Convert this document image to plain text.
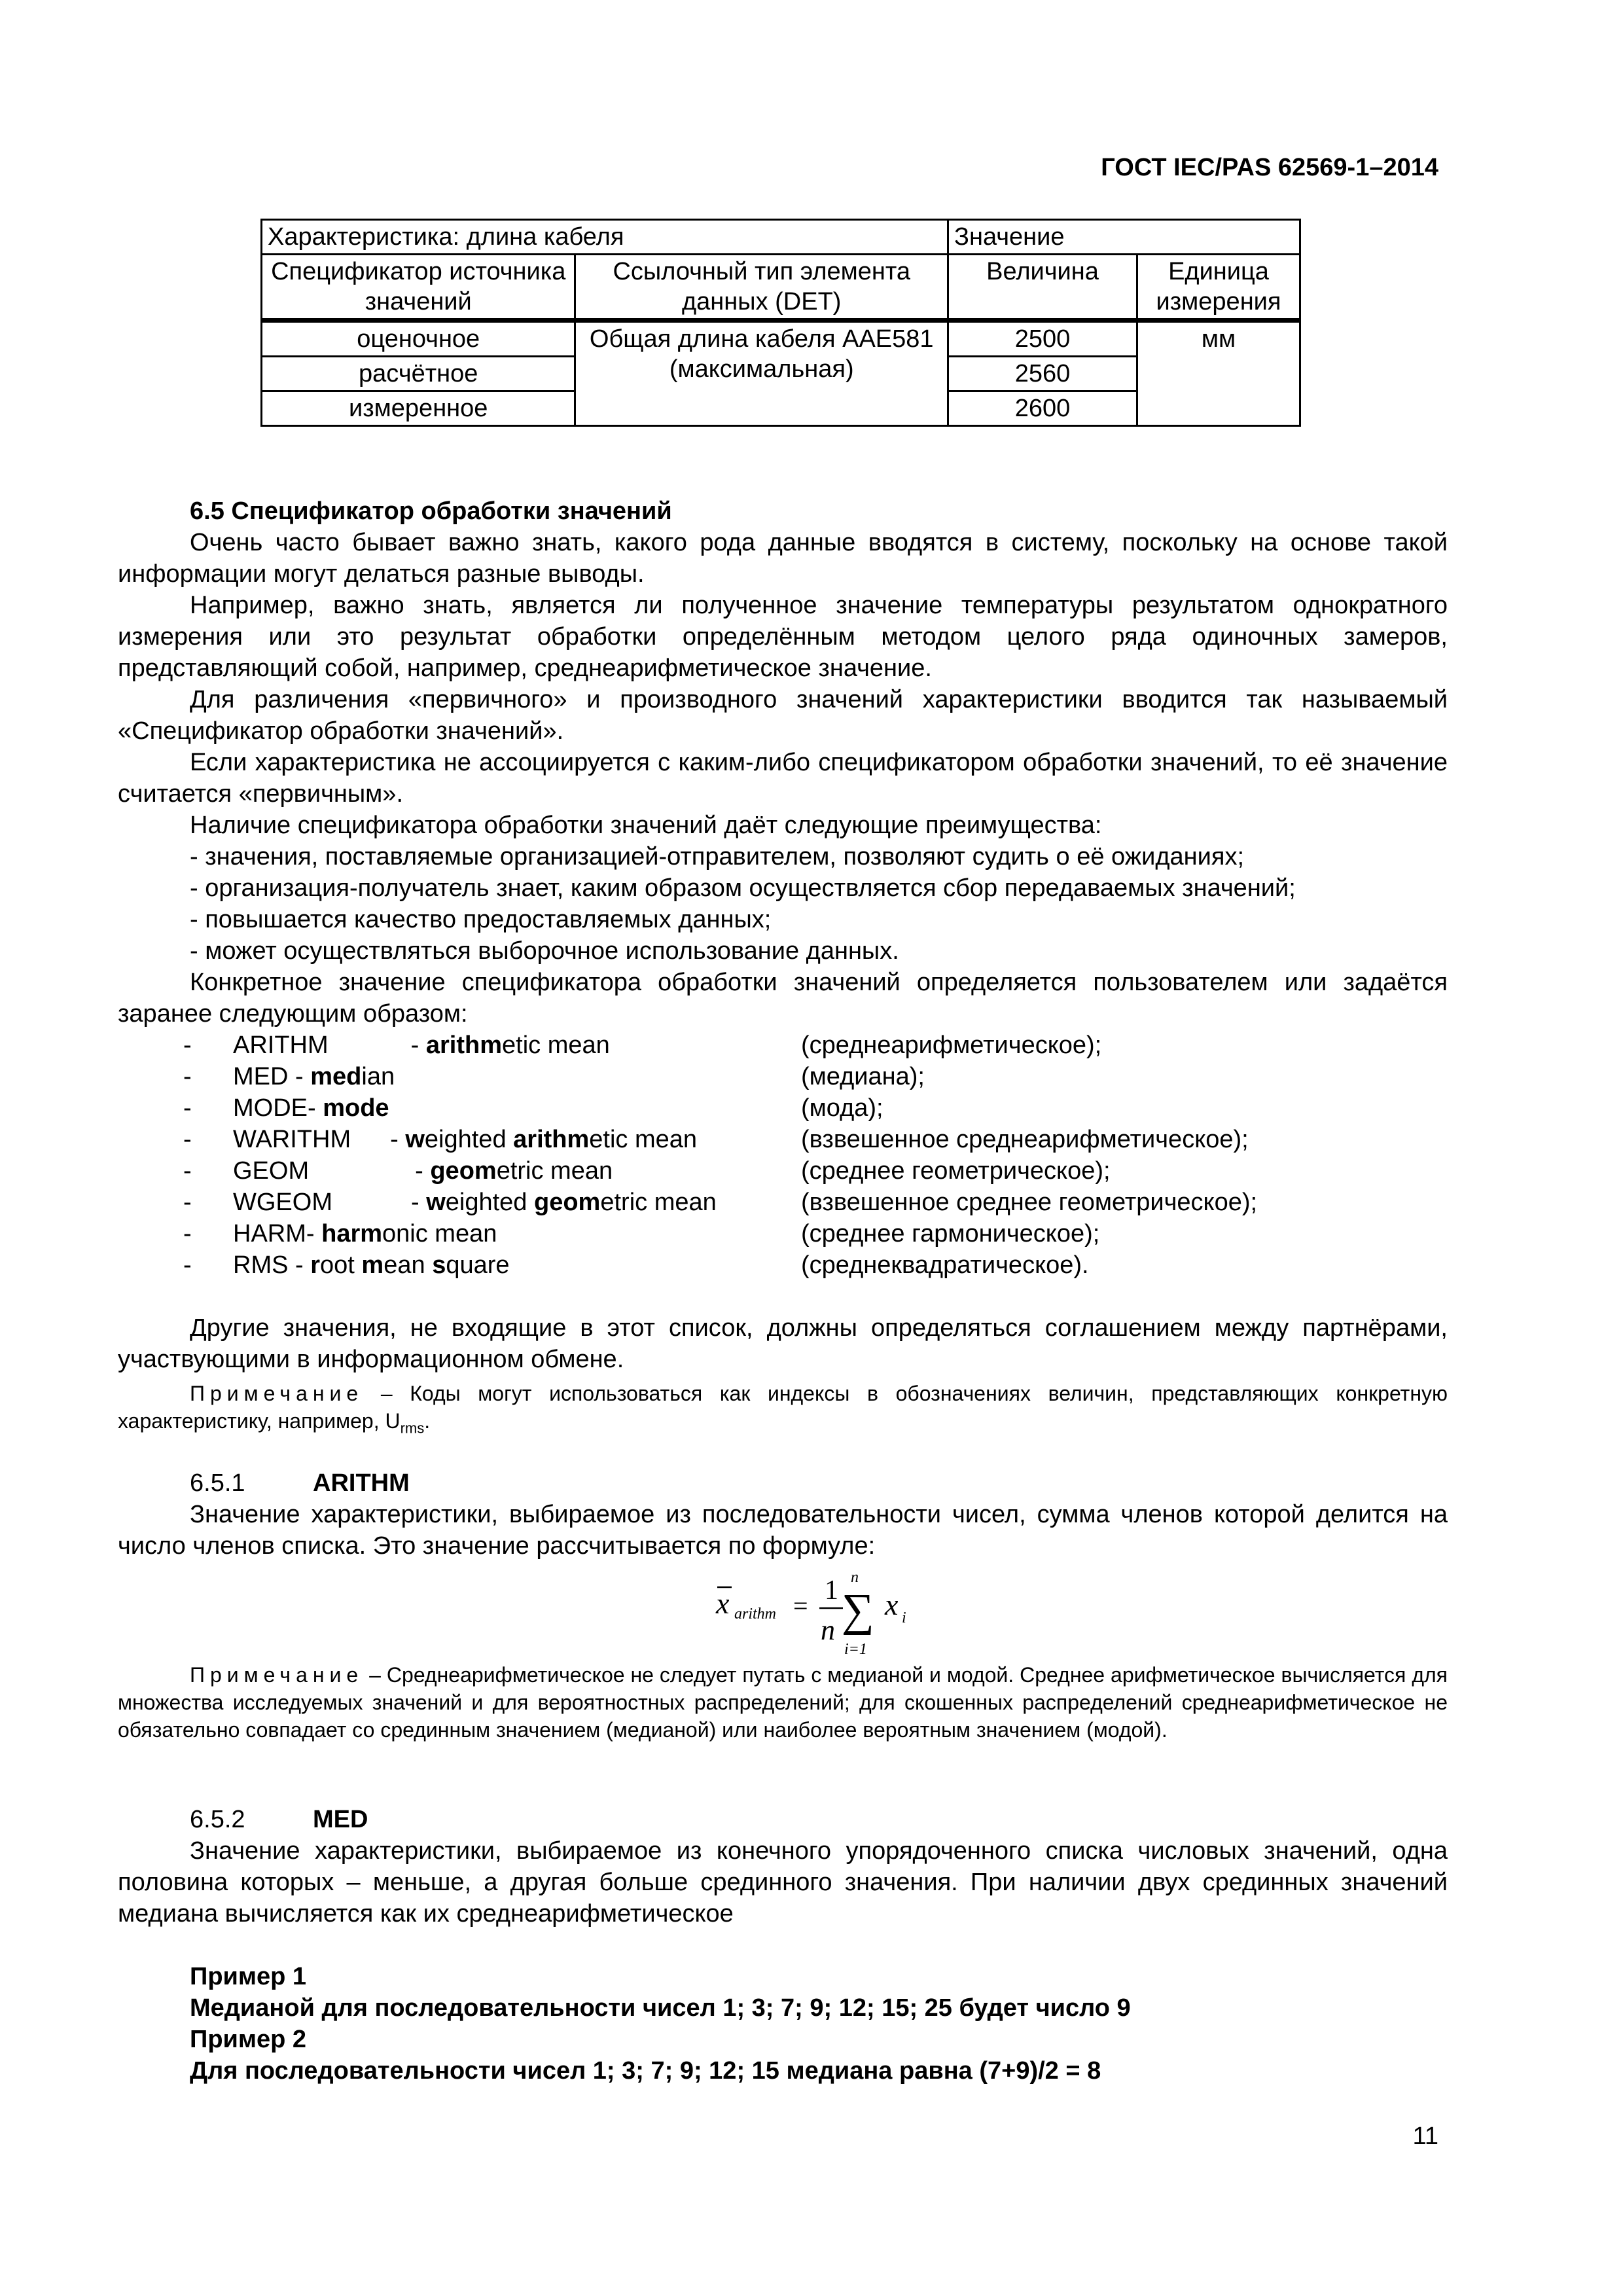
ГОСТ IEC/PAS 62569-1–2014
Характеристика: длина кабеля		Значение	
Спецификатор источника значений	Ссылочный тип элемента данных (DET)	Величина	Единица измерения
оценочное	Общая длина кабеля AAE581 (максимальная)	2500	мм
расчётное		2560	
измеренное		2600	
6.5 Спецификатор обработки значений
Очень часто бывает важно знать, какого рода данные вводятся в систему, поскольку на основе такой информации могут делаться разные выводы.
Например, важно знать, является ли полученное значение температуры результатом однократного измерения или это результат обработки определённым методом целого ряда одиночных замеров, представляющий собой, например, среднеарифметическое значение.
Для различения «первичного» и производного значений характеристики вводится так называемый «Спецификатор обработки значений».
Если характеристика не ассоциируется с каким-либо спецификатором обработки значений, то её значение считается «первичным».
Наличие спецификатора обработки значений даёт следующие преимущества:
- значения, поставляемые организацией-отправителем, позволяют судить о её ожиданиях;
- организация-получатель знает, каким образом осуществляется сбор передаваемых значений;
- повышается качество предоставляемых данных;
- может осуществляться выборочное использование данных.
Конкретное значение спецификатора обработки значений определяется пользователем или задаётся заранее следующим образом:
- ARITHM	- arithmetic mean	(среднеарифметическое);
- MED - median	(медиана);
- MODE- mode	(мода);
- WARITHM - weighted arithmetic mean	(взвешенное среднеарифметическое);
- GEOM	- geometric mean	(среднее геометрическое);
- WGEOM	- weighted geometric mean	(взвешенное среднее геометрическое);
- HARM- harmonic mean	(среднее гармоническое);
- RMS - root mean square	(среднеквадратическое).
Другие значения, не входящие в этот список, должны определяться соглашением между партнёрами, участвующими в информационном обмене.
Примечание – Коды могут использоваться как индексы в обозначениях величин, представляющих конкретную характеристику, например, $U_{rms}$.
6.5.1	ARITHM
Значение характеристики, выбираемое из последовательности чисел, сумма членов которой делится на число членов списка. Это значение рассчитывается по формуле:
x arithm =
1
n
n
∑
i=1
x i
Примечание – Среднеарифметическое не следует путать с медианой и модой. Среднее арифметическое вычисляется для множества исследуемых значений и для вероятностных распределений; для скошенных распределений среднеарифметическое не обязательно совпадает со срединным значением (медианой) или наиболее вероятным значением (модой).
6.5.2	MED
Значение характеристики, выбираемое из конечного упорядоченного списка числовых значений, одна половина которых – меньше, а другая больше срединного значения. При наличии двух срединных значений медиана вычисляется как их среднеарифметическое
Пример 1
Медианой для последовательности чисел 1; 3; 7; 9; 12; 15; 25 будет число 9
Пример 2
Для последовательности чисел 1; 3; 7; 9; 12; 15 медиана равна (7+9)/2 = 8
11
